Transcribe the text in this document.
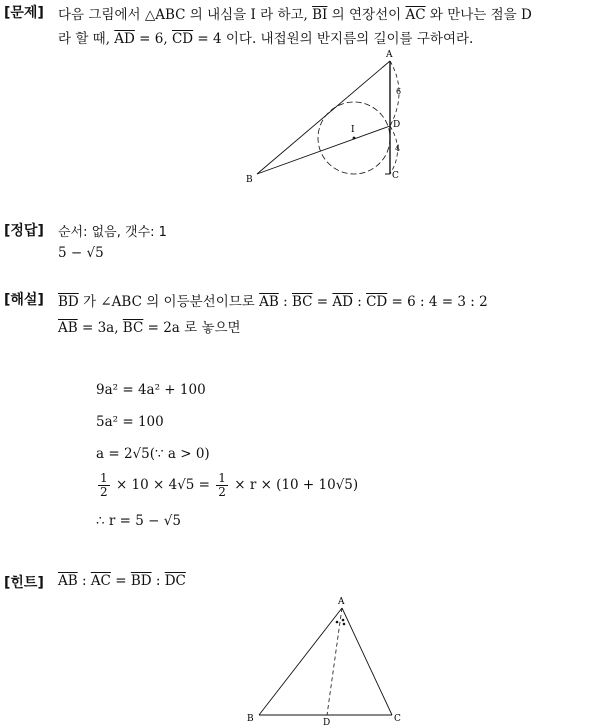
[문제] 다음 그림에서 △ABC 의 내심을 I 라 하고, $\overline{BI}$ 의 연장선이 $\overline{AC}$ 와 만나는 점을 D
라 할 때, $\overline{AD} = 6$, $\overline{CD} = 4$ 이다. 내접원의 반지름의 길이를 구하여라.
A
I	D
B	C
6
4
[정답] 순서: 없음, 갯수: 1
5 − √5
[해설] $\overline{BD}$ 가 ∠ABC 의 이등분선이므로 $\overline{AB}$ : $\overline{BC} = \overline{AD}$ : $\overline{CD} = 6$ : 4 = 3 : 2
$\overline{AB} = 3a$, $\overline{BC} = 2a$ 로 놓으면
9a² = 4a² + 100
5a² = 100
a = 2√5(∵ a > 0)
$\frac{1}{2} \times 10 \times 4√5 = \frac{1}{2} \times r \times (10 + 10√5)$
∴ r = 5 − √5
[힌트] $\overline{AB}$ : $\overline{AC} = \overline{BD}$ : $\overline{DC}$
A
B	C
D
